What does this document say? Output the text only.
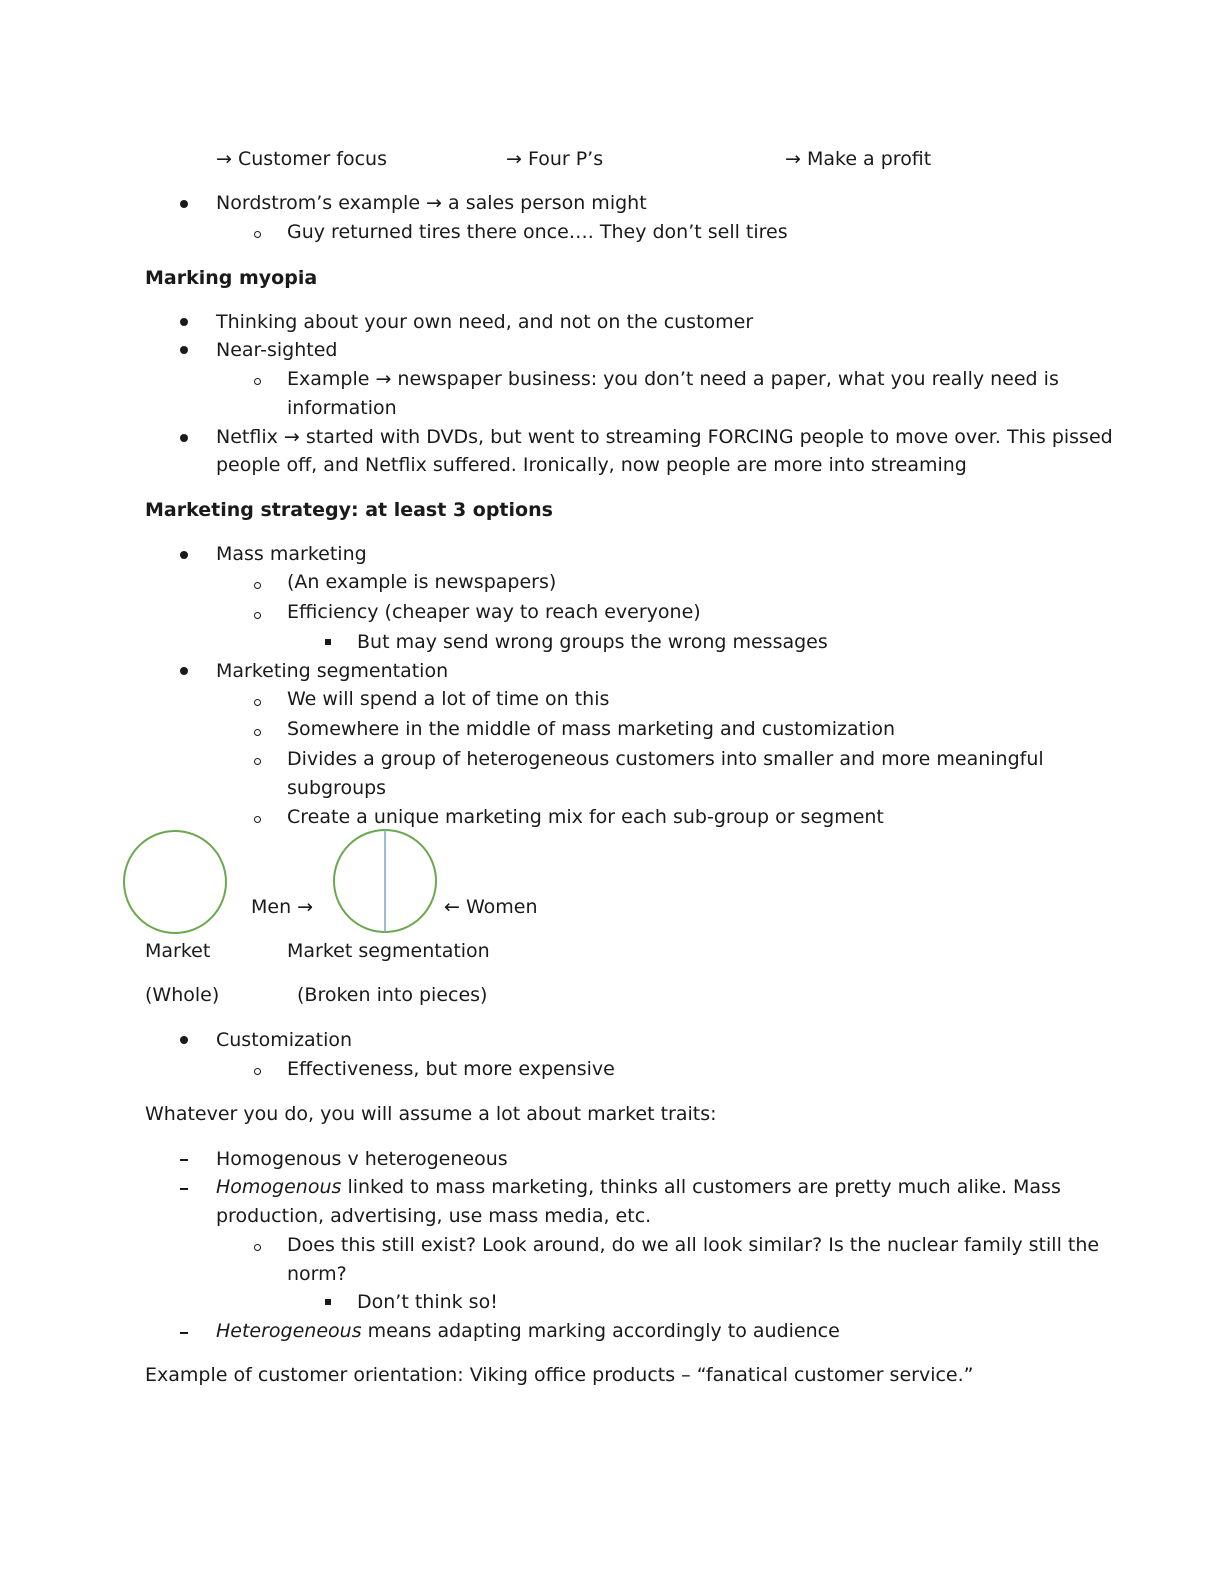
→ Customer focus	→ Four P’s	→ Make a profit
Nordstrom’s example → a sales person might
Guy returned tires there once…. They don’t sell tires
Marking myopia
Thinking about your own need, and not on the customer
Near-sighted
Example → newspaper business: you don’t need a paper, what you really need is
information
Netflix → started with DVDs, but went to streaming FORCING people to move over. This pissed
people off, and Netflix suffered. Ironically, now people are more into streaming
Marketing strategy: at least 3 options
Mass marketing
(An example is newspapers)
Efficiency (cheaper way to reach everyone)
But may send wrong groups the wrong messages
Marketing segmentation
We will spend a lot of time on this
Somewhere in the middle of mass marketing and customization
Divides a group of heterogeneous customers into smaller and more meaningful
subgroups
Create a unique marketing mix for each sub-group or segment
Men →	← Women
Market	Market segmentation
(Whole)	(Broken into pieces)
Customization
Effectiveness, but more expensive
Whatever you do, you will assume a lot about market traits:
Homogenous v heterogeneous
Homogenous linked to mass marketing, thinks all customers are pretty much alike. Mass
production, advertising, use mass media, etc.
Does this still exist? Look around, do we all look similar? Is the nuclear family still the
norm?
Don’t think so!
Heterogeneous means adapting marking accordingly to audience
Example of customer orientation: Viking office products – “fanatical customer service.”
